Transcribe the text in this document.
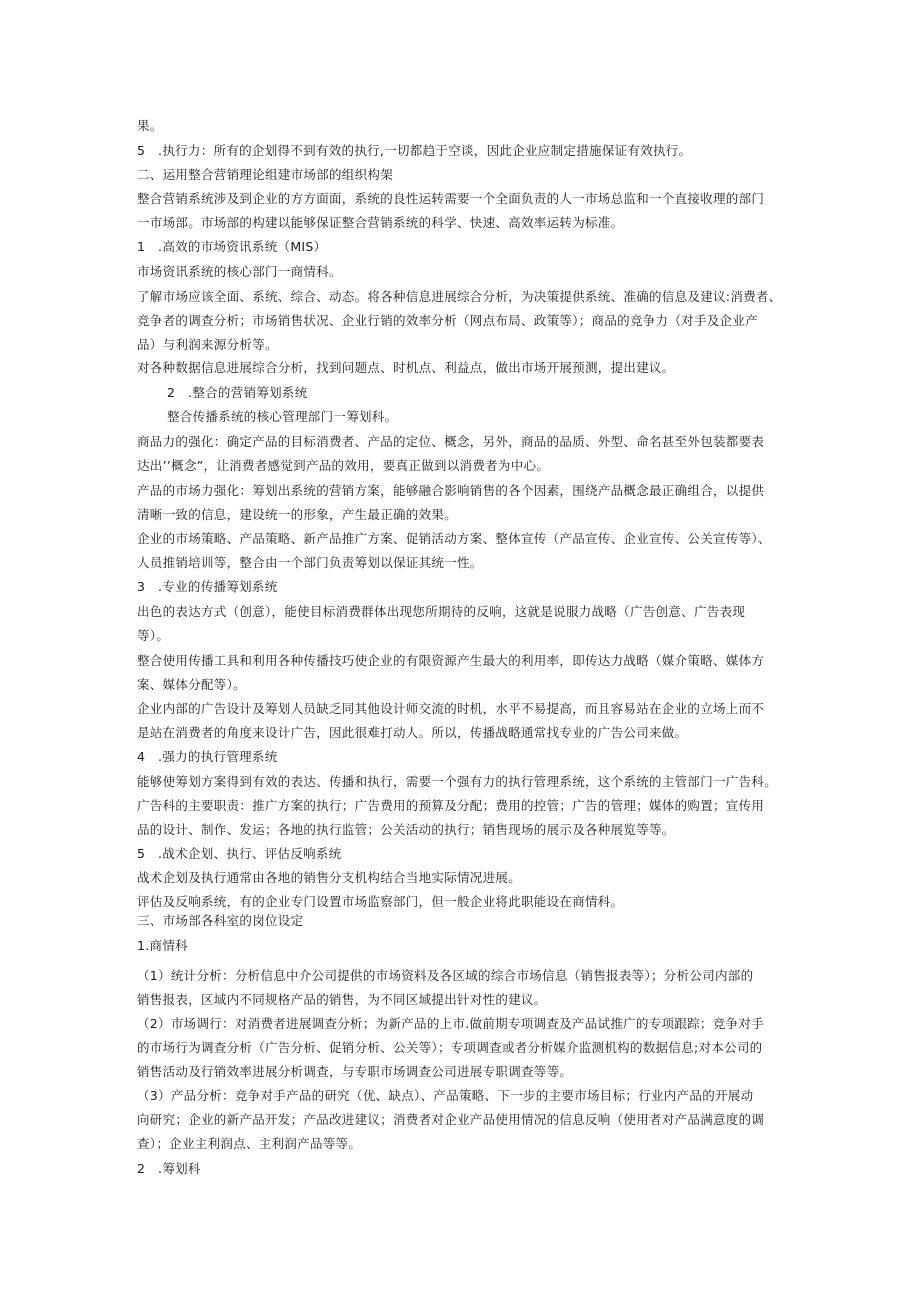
果。

5　.执行力：所有的企划得不到有效的执行,一切都趋于空谈，因此企业应制定措施保证有效执行。

二、运用整合营销理论组建市场部的组织构架

整合营销系统涉及到企业的方方面面，系统的良性运转需要一个全面负责的人一市场总监和一个直接收理的部门

一市场部。市场部的构建以能够保证整合营销系统的科学、快速、高效率运转为标准。

1　.高效的市场资讯系统（MIS）

市场资讯系统的核心部门一商情科。

了解市场应该全面、系统、综合、动态。将各种信息进展综合分析，为决策提供系统、准确的信息及建议:消费者、

竞争者的调查分析；市场销售状况、企业行销的效率分析（网点布局、政策等）；商品的竞争力（对手及企业产

品）与利润来源分析等。

对各种数据信息进展综合分析，找到问题点、时机点、利益点，做出市场开展预测，提出建议。

2　.整合的营销筹划系统

整合传播系统的核心管理部门一筹划科。

商品力的强化：确定产品的目标消费者、产品的定位、概念，另外，商品的品质、外型、命名甚至外包装都要表

达出’’概念”，让消费者感觉到产品的效用，要真正做到以消费者为中心。

产品的市场力强化：筹划出系统的营销方案，能够融合影响销售的各个因素，围绕产品概念最正确组合，以提供

清晰一致的信息，建设统一的形象，产生最正确的效果。

企业的市场策略、产品策略、新产品推广方案、促销活动方案、整体宣传（产品宣传、企业宣传、公关宣传等）、

人员推销培训等，整合由一个部门负责筹划以保证其统一性。

3　.专业的传播筹划系统

出色的表达方式（创意），能使目标消费群体出现您所期待的反响，这就是说服力战略（广告创意、广告表现

等）。

整合使用传播工具和利用各种传播技巧使企业的有限资源产生最大的利用率，即传达力战略（媒介策略、媒体方

案、媒体分配等）。

企业内部的广告设计及筹划人员缺乏同其他设计师交流的时机，水平不易提高，而且容易站在企业的立场上而不

是站在消费者的角度来设计广告，因此很难打动人。所以，传播战略通常找专业的广告公司来做。

4　.强力的执行管理系统

能够使筹划方案得到有效的表达、传播和执行，需要一个强有力的执行管理系统，这个系统的主管部门一广告科。

广告科的主要职责：推广方案的执行；广告费用的预算及分配；费用的控管；广告的管理；媒体的购置；宣传用

品的设计、制作、发运；各地的执行监管；公关活动的执行；销售现场的展示及各种展览等等。

5　.战术企划、执行、评估反响系统

战术企划及执行通常由各地的销售分支机构结合当地实际情况进展。

评估及反响系统，有的企业专门设置市场监察部门，但一般企业将此职能设在商情科。

三、市场部各科室的岗位设定

1.商情科

（1）统计分析：分析信息中介公司提供的市场资料及各区域的综合市场信息（销售报表等）；分析公司内部的

销售报表，区域内不同规格产品的销售，为不同区域提出针对性的建议。

（2）市场调行：对消费者进展调查分析；为新产品的上市.做前期专项调查及产品试推广的专项跟踪；竞争对手

的市场行为调查分析（广告分析、促销分析、公关等）；专项调查或者分析媒介监测机构的数据信息;对本公司的

销售活动及行销效率进展分析调查，与专职市场调查公司进展专职调查等等。

（3）产品分析：竞争对手产品的研究（优、缺点）、产品策略、下一步的主要市场目标；行业内产品的开展动

向研究；企业的新产品开发；产品改进建议；消费者对企业产品使用情况的信息反响（使用者对产品满意度的调

查）；企业主利润点、主利润产品等等。

2　.筹划科
